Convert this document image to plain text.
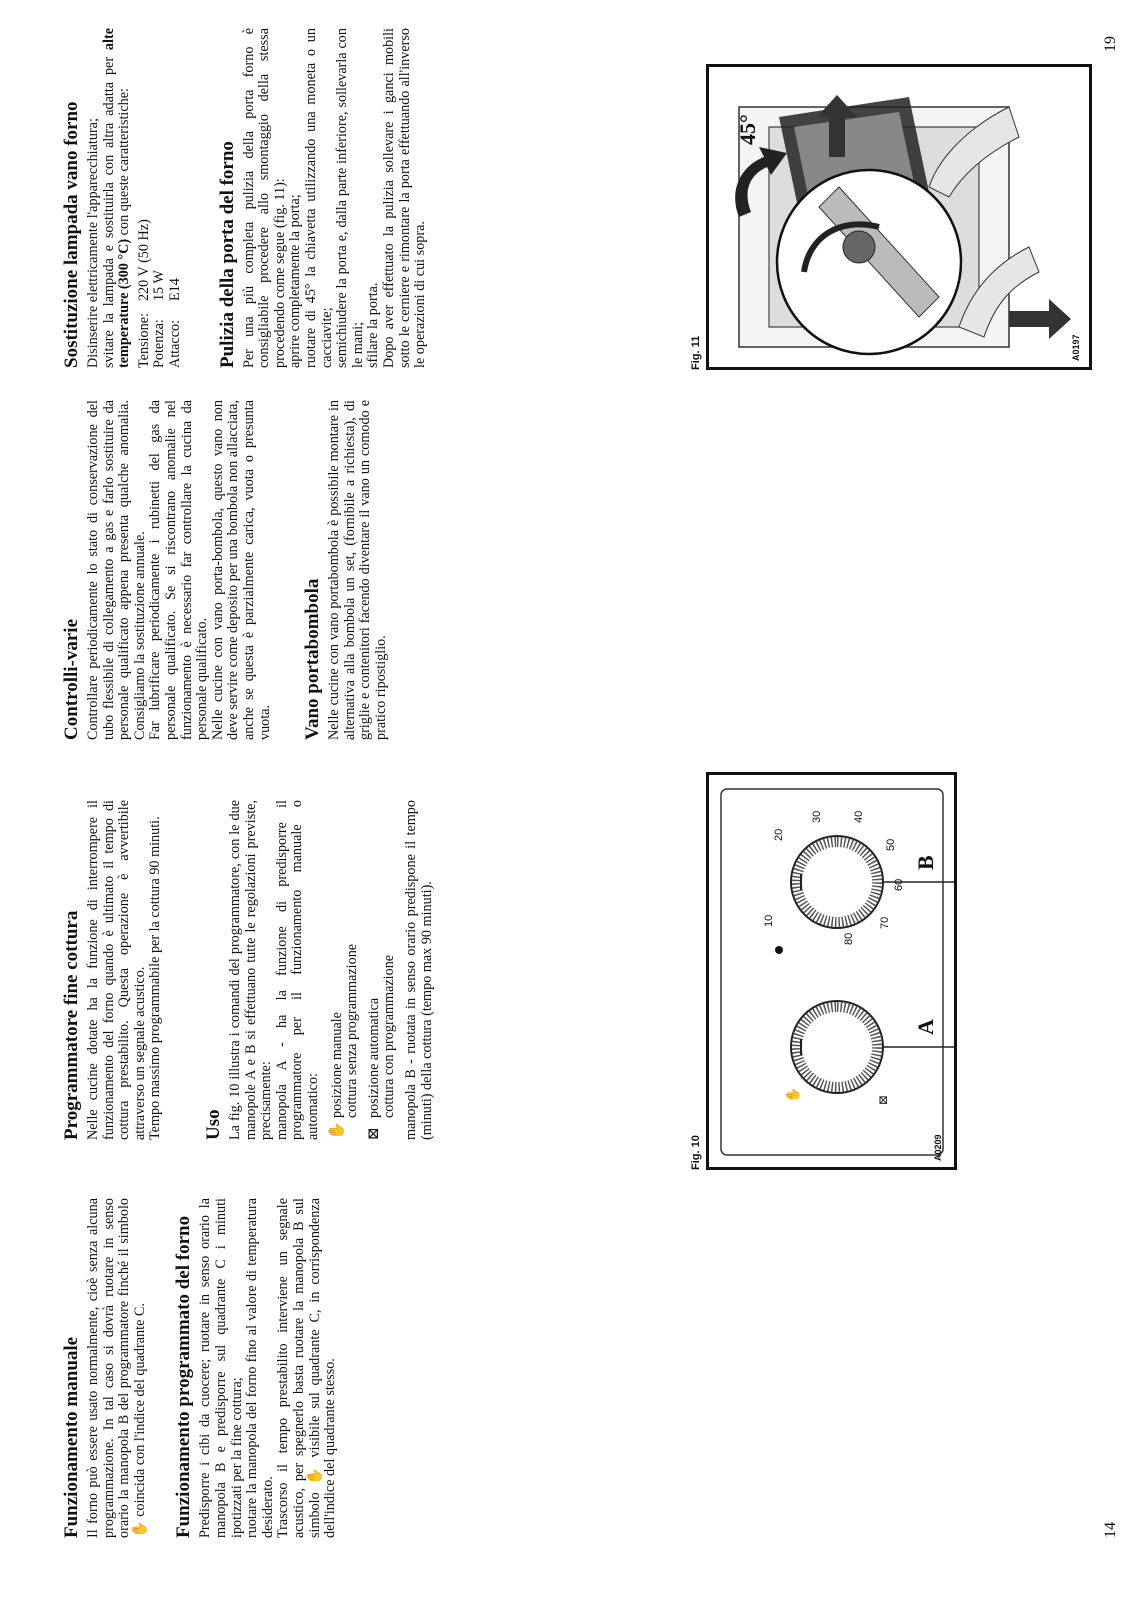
Funzionamento manuale Il forno può essere usato normalmente, cioè senza alcuna programmazione. In tal caso si dovrà ruotare in senso orario la manopola B del programmatore finché il simbolo ✋ coincida con l'indice del quadrante C. Funzionamento programmato del forno Predisporre i cibi da cuocere; ruotare in senso orario la manopola B e predisporre sul quadrante C i minuti ipotizzati per la fine cottura; ruotare la manopola del forno fino al valore di temperatura desiderato. Trascorso il tempo prestabilito interviene un segnale acustico, per spegnerlo basta ruotare la manopola B sul simbolo ✋ visibile sul quadrante C, in corrispondenza dell'indice del quadrante stesso.

Programmatore fine cottura Nelle cucine dotate ha la funzione di interrompere il funzionamento del forno quando è ultimato il tempo di cottura prestabilito. Questa operazione è avvertibile attraverso un segnale acustico. Tempo massimo programmabile per la cottura 90 minuti. Uso La fig. 10 illustra i comandi del programmatore, con le due manopole A e B si effettuano tutte le regolazioni previste, precisamente: manopola A - ha la funzione di predisporre il programmatore per il funzionamento manuale o automatico: ✋
posizione manuale cottura senza programmazione
⊠
posizione automatica cottura con programmazione manopola B - ruotata in senso orario predispone il tempo (minuti) della cottura (tempo max 90 minuti).

Controlli-varie Controllare periodicamente lo stato di conservazione del tubo flessibile di collegamento a gas e farlo sostituire da personale qualificato appena presenta qualche anomalia. Consigliamo la sostituzione annuale. Far lubrificare periodicamente i rubinetti del gas da personale qualificato. Se si riscontrano anomalie nel funzionamento è necessario far controllare la cucina da personale qualificato. Nelle cucine con vano porta-bombola, questo vano non deve servire come deposito per una bombola non allacciata, anche se questa è parzialmente carica, vuota o presunta vuota. Vano portabombola Nelle cucine con vano portabombola è possibile montare in alternativa alla bombola un set, (fornibile a richiesta), di griglie e contenitori facendo diventare il vano un comodo e pratico ripostiglio.

Sostituzione lampada vano forno Disinserire elettricamente l'apparecchiatura; svitare la lampada e sostituirla con altra adatta per alte temperature (300 °C) con queste caratteristiche:

Tensione:	220 V (50 Hz)
Potenza:	15 W
Attacco:	E14 Pulizia della porta del forno Per una più completa pulizia della porta forno è consigliabile procedere allo smontaggio della stessa procedendo come segue (fig. 11): aprire completamente la porta; ruotare di 45° la chiavetta utilizzando una moneta o un cacciavite; semichiudere la porta e, dalla parte inferiore, sollevarla con le mani; sfilare la porta. Dopo aver effettuato la pulizia sollevare i ganci mobili sotto le cerniere e rimontare la porta effettuando all'inverso le operazioni di cui sopra.

Fig. 10
✋	⊠
10
20
30	40
50
60
70
80
A
B
A0209
Fig. 11
45°
A0197
14
19
